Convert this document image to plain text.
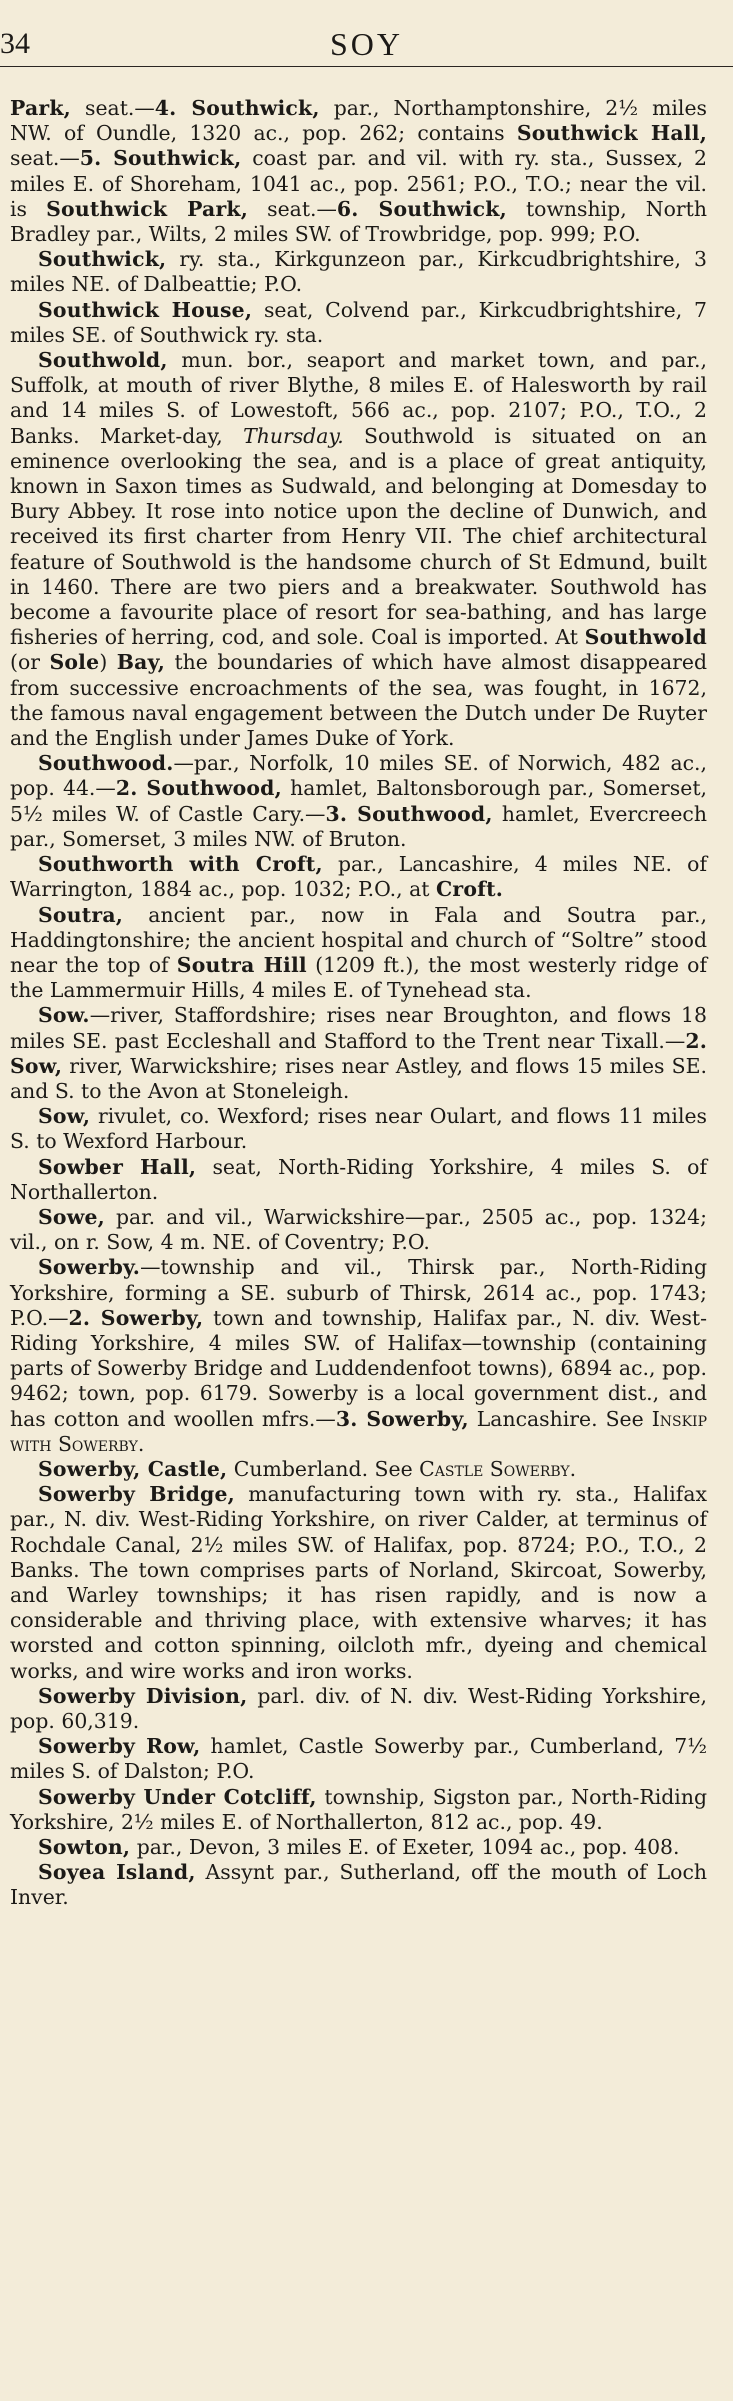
34	SOY

Park, seat.—4. Southwick, par., Northamptonshire, 2½ miles NW. of Oundle, 1320 ac., pop. 262; contains Southwick Hall, seat.—5. Southwick, coast par. and vil. with ry. sta., Sussex, 2 miles E. of Shoreham, 1041 ac., pop. 2561; P.O., T.O.; near the vil. is Southwick Park, seat.—6. Southwick, township, North Bradley par., Wilts, 2 miles SW. of Trowbridge, pop. 999; P.O.

Southwick, ry. sta., Kirkgunzeon par., Kirkcudbrightshire, 3 miles NE. of Dalbeattie; P.O.

Southwick House, seat, Colvend par., Kirkcudbrightshire, 7 miles SE. of Southwick ry. sta.

Southwold, mun. bor., seaport and market town, and par., Suffolk, at mouth of river Blythe, 8 miles E. of Halesworth by rail and 14 miles S. of Lowestoft, 566 ac., pop. 2107; P.O., T.O., 2 Banks. Market-day, Thursday. Southwold is situated on an eminence overlooking the sea, and is a place of great antiquity, known in Saxon times as Sudwald, and belonging at Domesday to Bury Abbey. It rose into notice upon the decline of Dunwich, and received its first charter from Henry VII. The chief architectural feature of Southwold is the handsome church of St Edmund, built in 1460. There are two piers and a breakwater. Southwold has become a favourite place of resort for sea-bathing, and has large fisheries of herring, cod, and sole. Coal is imported. At Southwold (or Sole) Bay, the boundaries of which have almost disappeared from successive encroachments of the sea, was fought, in 1672, the famous naval engagement between the Dutch under De Ruyter and the English under James Duke of York.

Southwood.—par., Norfolk, 10 miles SE. of Norwich, 482 ac., pop. 44.—2. Southwood, hamlet, Baltonsborough par., Somerset, 5½ miles W. of Castle Cary.—3. Southwood, hamlet, Evercreech par., Somerset, 3 miles NW. of Bruton.

Southworth with Croft, par., Lancashire, 4 miles NE. of Warrington, 1884 ac., pop. 1032; P.O., at Croft.

Soutra, ancient par., now in Fala and Soutra par., Haddingtonshire; the ancient hospital and church of “Soltre” stood near the top of Soutra Hill (1209 ft.), the most westerly ridge of the Lammermuir Hills, 4 miles E. of Tynehead sta.

Sow.—river, Staffordshire; rises near Broughton, and flows 18 miles SE. past Eccleshall and Stafford to the Trent near Tixall.—2. Sow, river, Warwickshire; rises near Astley, and flows 15 miles SE. and S. to the Avon at Stoneleigh.

Sow, rivulet, co. Wexford; rises near Oulart, and flows 11 miles S. to Wexford Harbour.

Sowber Hall, seat, North-Riding Yorkshire, 4 miles S. of Northallerton.

Sowe, par. and vil., Warwickshire—par., 2505 ac., pop. 1324; vil., on r. Sow, 4 m. NE. of Coventry; P.O.

Sowerby.—township and vil., Thirsk par., North-Riding Yorkshire, forming a SE. suburb of Thirsk, 2614 ac., pop. 1743; P.O.—2. Sowerby, town and township, Halifax par., N. div. West-Riding Yorkshire, 4 miles SW. of Halifax—township (containing parts of Sowerby Bridge and Luddendenfoot towns), 6894 ac., pop. 9462; town, pop. 6179. Sowerby is a local government dist., and has cotton and woollen mfrs.—3. Sowerby, Lancashire. See Inskip with Sowerby.

Sowerby, Castle, Cumberland. See Castle Sowerby.

Sowerby Bridge, manufacturing town with ry. sta., Halifax par., N. div. West-Riding Yorkshire, on river Calder, at terminus of Rochdale Canal, 2½ miles SW. of Halifax, pop. 8724; P.O., T.O., 2 Banks. The town comprises parts of Norland, Skircoat, Sowerby, and Warley townships; it has risen rapidly, and is now a considerable and thriving place, with extensive wharves; it has worsted and cotton spinning, oilcloth mfr., dyeing and chemical works, and wire works and iron works.

Sowerby Division, parl. div. of N. div. West-Riding Yorkshire, pop. 60,319.

Sowerby Row, hamlet, Castle Sowerby par., Cumberland, 7½ miles S. of Dalston; P.O.

Sowerby Under Cotcliff, township, Sigston par., North-Riding Yorkshire, 2½ miles E. of Northallerton, 812 ac., pop. 49.

Sowton, par., Devon, 3 miles E. of Exeter, 1094 ac., pop. 408.

Soyea Island, Assynt par., Sutherland, off the mouth of Loch Inver.
